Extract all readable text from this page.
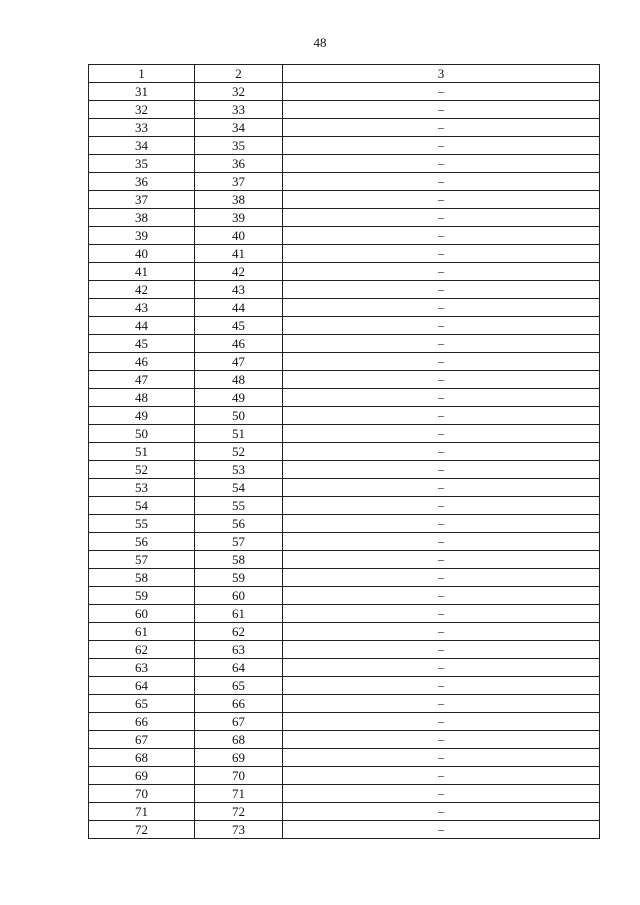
48
1	2	3
31	32	–
32	33	–
33	34	–
34	35	–
35	36	–
36	37	–
37	38	–
38	39	–
39	40	–
40	41	–
41	42	–
42	43	–
43	44	–
44	45	–
45	46	–
46	47	–
47	48	–
48	49	–
49	50	–
50	51	–
51	52	–
52	53	–
53	54	–
54	55	–
55	56	–
56	57	–
57	58	–
58	59	–
59	60	–
60	61	–
61	62	–
62	63	–
63	64	–
64	65	–
65	66	–
66	67	–
67	68	–
68	69	–
69	70	–
70	71	–
71	72	–
72	73	–
